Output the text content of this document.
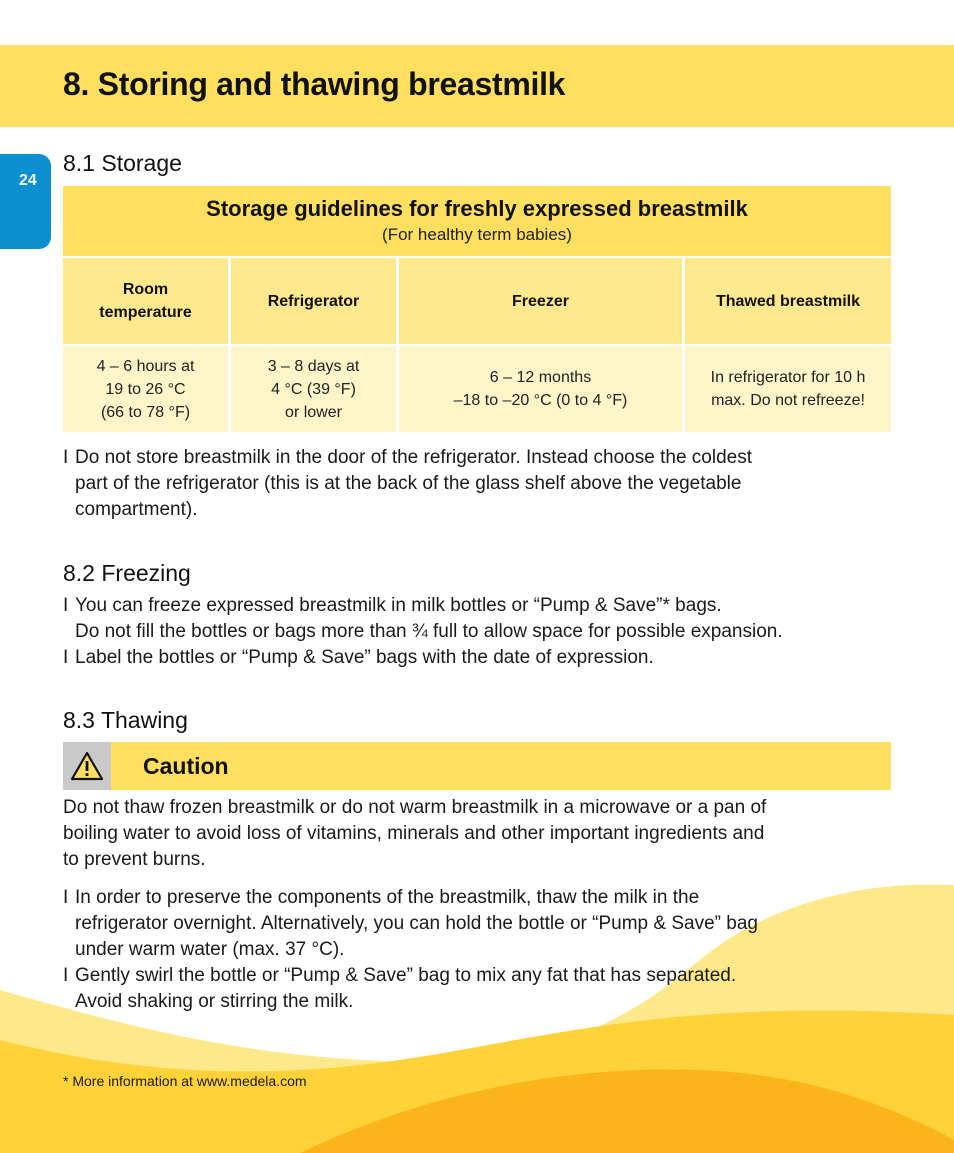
8. Storing and thawing breastmilk
24
8.1 Storage
Storage guidelines for freshly expressed breastmilk
(For healthy term babies)
Room
temperature
Refrigerator	Freezer	Thawed breastmilk
4 – 6 hours at
19 to 26 °C
(66 to 78 °F)
3 – 8 days at
4 °C (39 °F)
or lower
6 – 12 months
–18 to –20 °C (0 to 4 °F)
In refrigerator for 10 h
max. Do not refreeze!
I Do not store breastmilk in the door of the refrigerator. Instead choose the coldest
part of the refrigerator (this is at the back of the glass shelf above the vegetable
compartment).
8.2 Freezing
I You can freeze expressed breastmilk in milk bottles or “Pump & Save”* bags.
Do not fill the bottles or bags more than ¾ full to allow space for possible expansion.
I Label the bottles or “Pump & Save” bags with the date of expression.
8.3 Thawing
Caution

Do not thaw frozen breastmilk or do not warm breastmilk in a microwave or a pan of
boiling water to avoid loss of vitamins, minerals and other important ingredients and
to prevent burns.

I In order to preserve the components of the breastmilk, thaw the milk in the
refrigerator overnight. Alternatively, you can hold the bottle or “Pump & Save” bag
under warm water (max. 37 °C).
I Gently swirl the bottle or “Pump & Save” bag to mix any fat that has separated.
Avoid shaking or stirring the milk.
* More information at www.medela.com
